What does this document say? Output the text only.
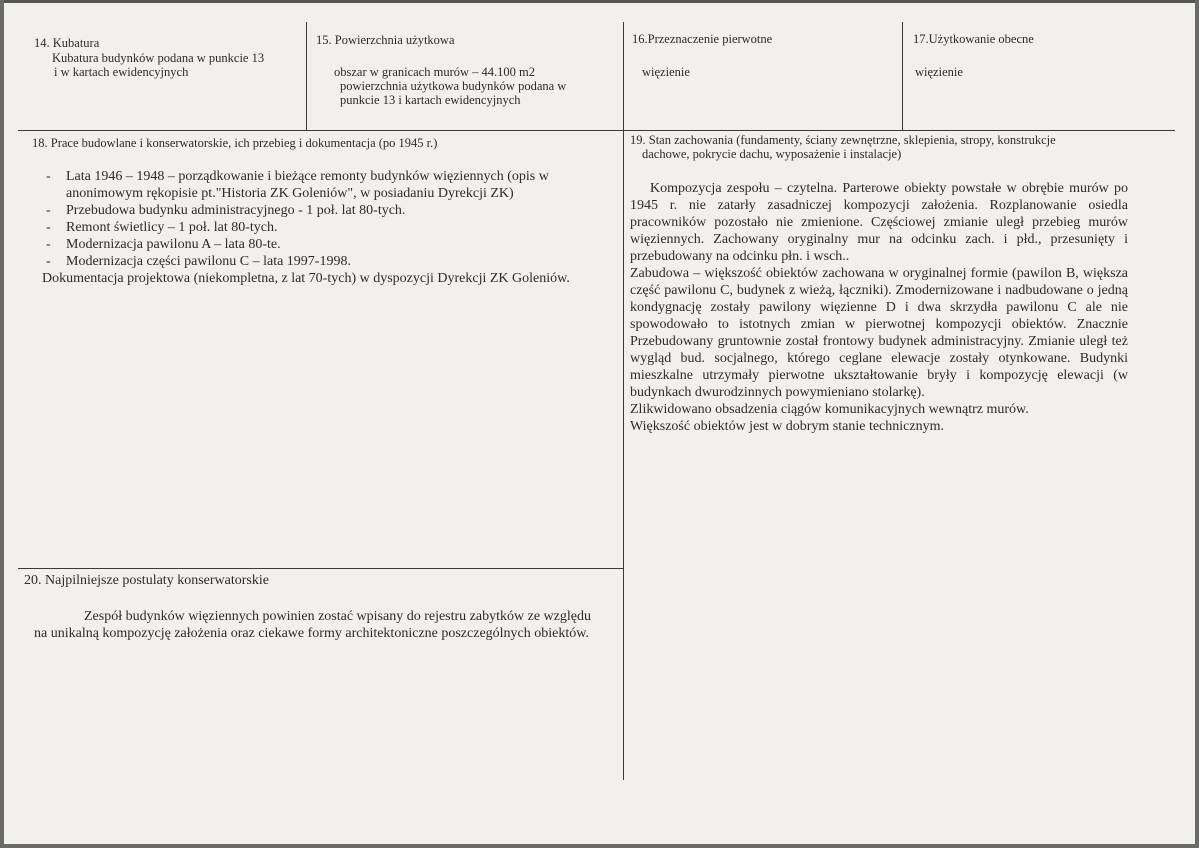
14. Kubatura
Kubatura budynków podana w punkcie 13
i w kartach ewidencyjnych
15. Powierzchnia użytkowa
obszar w granicach murów – 44.100 m2
powierzchnia użytkowa budynków podana w
punkcie 13 i kartach ewidencyjnych
16.Przeznaczenie pierwotne
więzienie
17.Użytkowanie obecne
więzienie
18. Prace budowlane i konserwatorskie, ich przebieg i dokumentacja (po 1945 r.)
- Lata 1946 – 1948 – porządkowanie i bieżące remonty budynków więziennych (opis w anonimowym rękopisie pt."Historia ZK Goleniów", w posiadaniu Dyrekcji ZK)
- Przebudowa budynku administracyjnego - 1 poł. lat 80-tych.
- Remont świetlicy – 1 poł. lat 80-tych.
- Modernizacja pawilonu A – lata 80-te.
- Modernizacja części pawilonu C – lata 1997-1998.

Dokumentacja projektowa (niekompletna, z lat 70-tych) w dyspozycji Dyrekcji ZK Goleniów.

19. Stan zachowania (fundamenty, ściany zewnętrzne, sklepienia, stropy, konstrukcje
dachowe, pokrycie dachu, wyposażenie i instalacje)

Kompozycja zespołu – czytelna. Parterowe obiekty powstałe w obrębie murów po 1945 r. nie zatarły zasadniczej kompozycji założenia. Rozplanowanie osiedla pracowników pozostało nie zmienione. Częściowej zmianie uległ przebieg murów więziennych. Zachowany oryginalny mur na odcinku zach. i płd., przesunięty i przebudowany na odcinku płn. i wsch..

Zabudowa – większość obiektów zachowana w oryginalnej formie (pawilon B, większa część pawilonu C, budynek z wieżą, łączniki). Zmodernizowane i nadbudowane o jedną kondygnację zostały pawilony więzienne D i dwa skrzydła pawilonu C ale nie spowodowało to istotnych zmian w pierwotnej kompozycji obiektów. Znacznie Przebudowany gruntownie został frontowy budynek administracyjny. Zmianie uległ też wygląd bud. socjalnego, którego ceglane elewacje zostały otynkowane. Budynki mieszkalne utrzymały pierwotne ukształtowanie bryły i kompozycję elewacji (w budynkach dwurodzinnych powymieniano stolarkę).

Zlikwidowano obsadzenia ciągów komunikacyjnych wewnątrz murów.

Większość obiektów jest w dobrym stanie technicznym.

20. Najpilniejsze postulaty konserwatorskie

Zespół budynków więziennych powinien zostać wpisany do rejestru zabytków ze względu na unikalną kompozycję założenia oraz ciekawe formy architektoniczne poszczególnych obiektów.
